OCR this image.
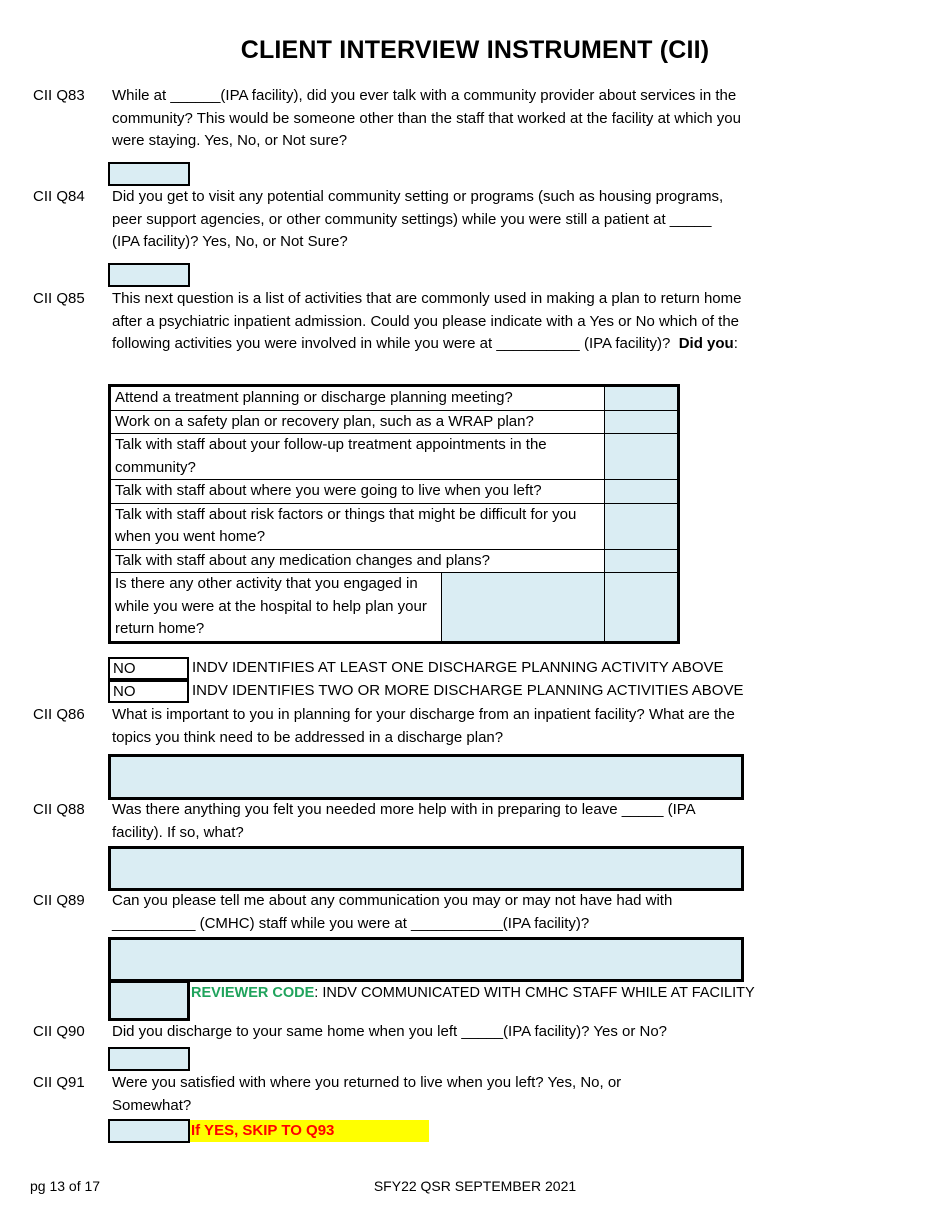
CLIENT INTERVIEW INSTRUMENT (CII)
CII Q83 While at ______(IPA facility), did you ever talk with a community provider about services in the community? This would be someone other than the staff that worked at the facility at which you were staying. Yes, No, or Not sure?
CII Q84 Did you get to visit any potential community setting or programs (such as housing programs, peer support agencies, or other community settings) while you were still a patient at _____ (IPA facility)? Yes, No, or Not Sure?
CII Q85 This next question is a list of activities that are commonly used in making a plan to return home after a psychiatric inpatient admission. Could you please indicate with a Yes or No which of the following activities you were involved in while you were at __________ (IPA facility)? Did you:
Attend a treatment planning or discharge planning meeting?		
Work on a safety plan or recovery plan, such as a WRAP plan?		
Talk with staff about your follow-up treatment appointments in the community?		
Talk with staff about where you were going to live when you left?		
Talk with staff about risk factors or things that might be difficult for you when you went home?		
Talk with staff about any medication changes and plans?		
Is there any other activity that you engaged in while you were at the hospital to help plan your return home?		
NO	INDV IDENTIFIES AT LEAST ONE DISCHARGE PLANNING ACTIVITY ABOVE
NO	INDV IDENTIFIES TWO OR MORE DISCHARGE PLANNING ACTIVITIES ABOVE
CII Q86 What is important to you in planning for your discharge from an inpatient facility? What are the topics you think need to be addressed in a discharge plan?
CII Q88 Was there anything you felt you needed more help with in preparing to leave _____ (IPA facility). If so, what?
CII Q89 Can you please tell me about any communication you may or may not have had with __________ (CMHC) staff while you were at ___________(IPA facility)?
REVIEWER CODE: INDV COMMUNICATED WITH CMHC STAFF WHILE AT FACILITY
CII Q90 Did you discharge to your same home when you left _____(IPA facility)? Yes or No?
CII Q91 Were you satisfied with where you returned to live when you left? Yes, No, or Somewhat?
If YES, SKIP TO Q93
pg 13 of 17	SFY22 QSR SEPTEMBER 2021
